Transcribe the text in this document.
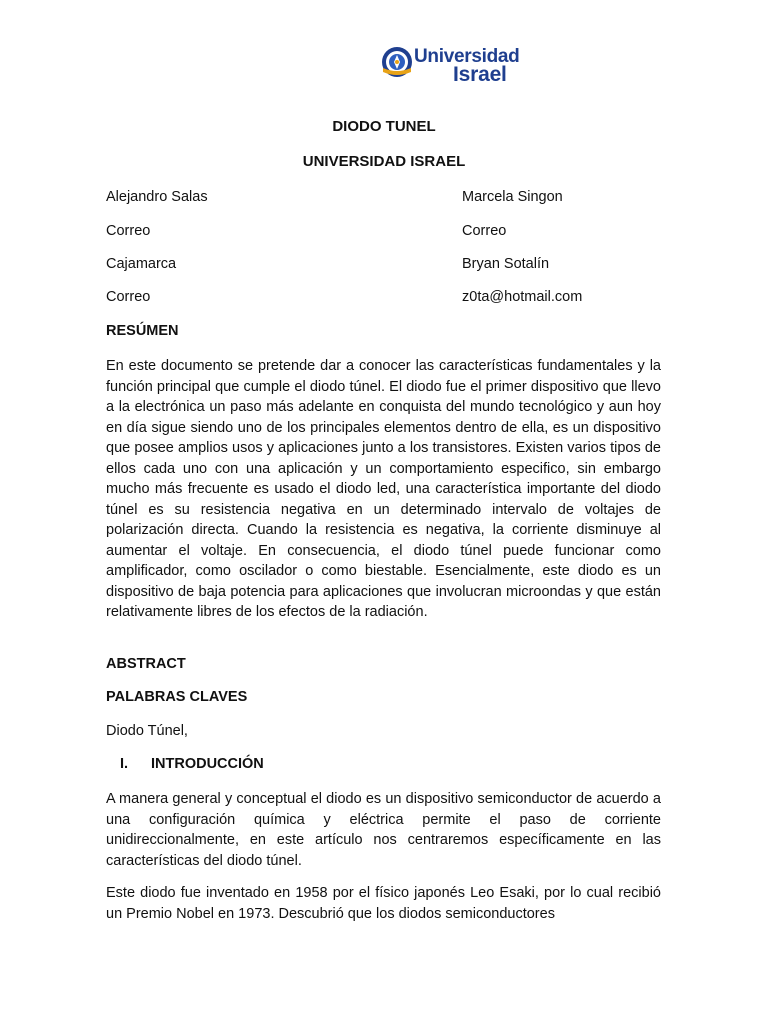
Universidad
Israel
DIODO TUNEL
UNIVERSIDAD ISRAEL
Alejandro Salas
Correo
Cajamarca
Correo
Marcela Singon
Correo
Bryan Sotalín
z0ta@hotmail.com
RESÚMEN
En este documento se pretende dar a conocer las características fundamentales y la función principal que cumple el diodo túnel. El diodo fue el primer dispositivo que llevo a la electrónica un paso más adelante en conquista del mundo tecnológico y aun hoy en día sigue siendo uno de los principales elementos dentro de ella, es un dispositivo que posee amplios usos y aplicaciones junto a los transistores. Existen varios tipos de ellos cada uno con una aplicación y un comportamiento especifico, sin embargo mucho más frecuente es usado el diodo led, una característica importante del diodo túnel es su resistencia negativa en un determinado intervalo de voltajes de polarización directa. Cuando la resistencia es negativa, la corriente disminuye al aumentar el voltaje. En consecuencia, el diodo túnel puede funcionar como amplificador, como oscilador o como biestable. Esencialmente, este diodo es un dispositivo de baja potencia para aplicaciones que involucran microondas y que están relativamente libres de los efectos de la radiación.
ABSTRACT
PALABRAS CLAVES
Diodo Túnel,
I. INTRODUCCIÓN
A manera general y conceptual el diodo es un dispositivo semiconductor de acuerdo a una configuración química y eléctrica permite el paso de corriente unidireccionalmente, en este artículo nos centraremos específicamente en las características del diodo túnel.
Este diodo fue inventado en 1958 por el físico japonés Leo Esaki, por lo cual recibió un Premio Nobel en 1973. Descubrió que los diodos semiconductores
